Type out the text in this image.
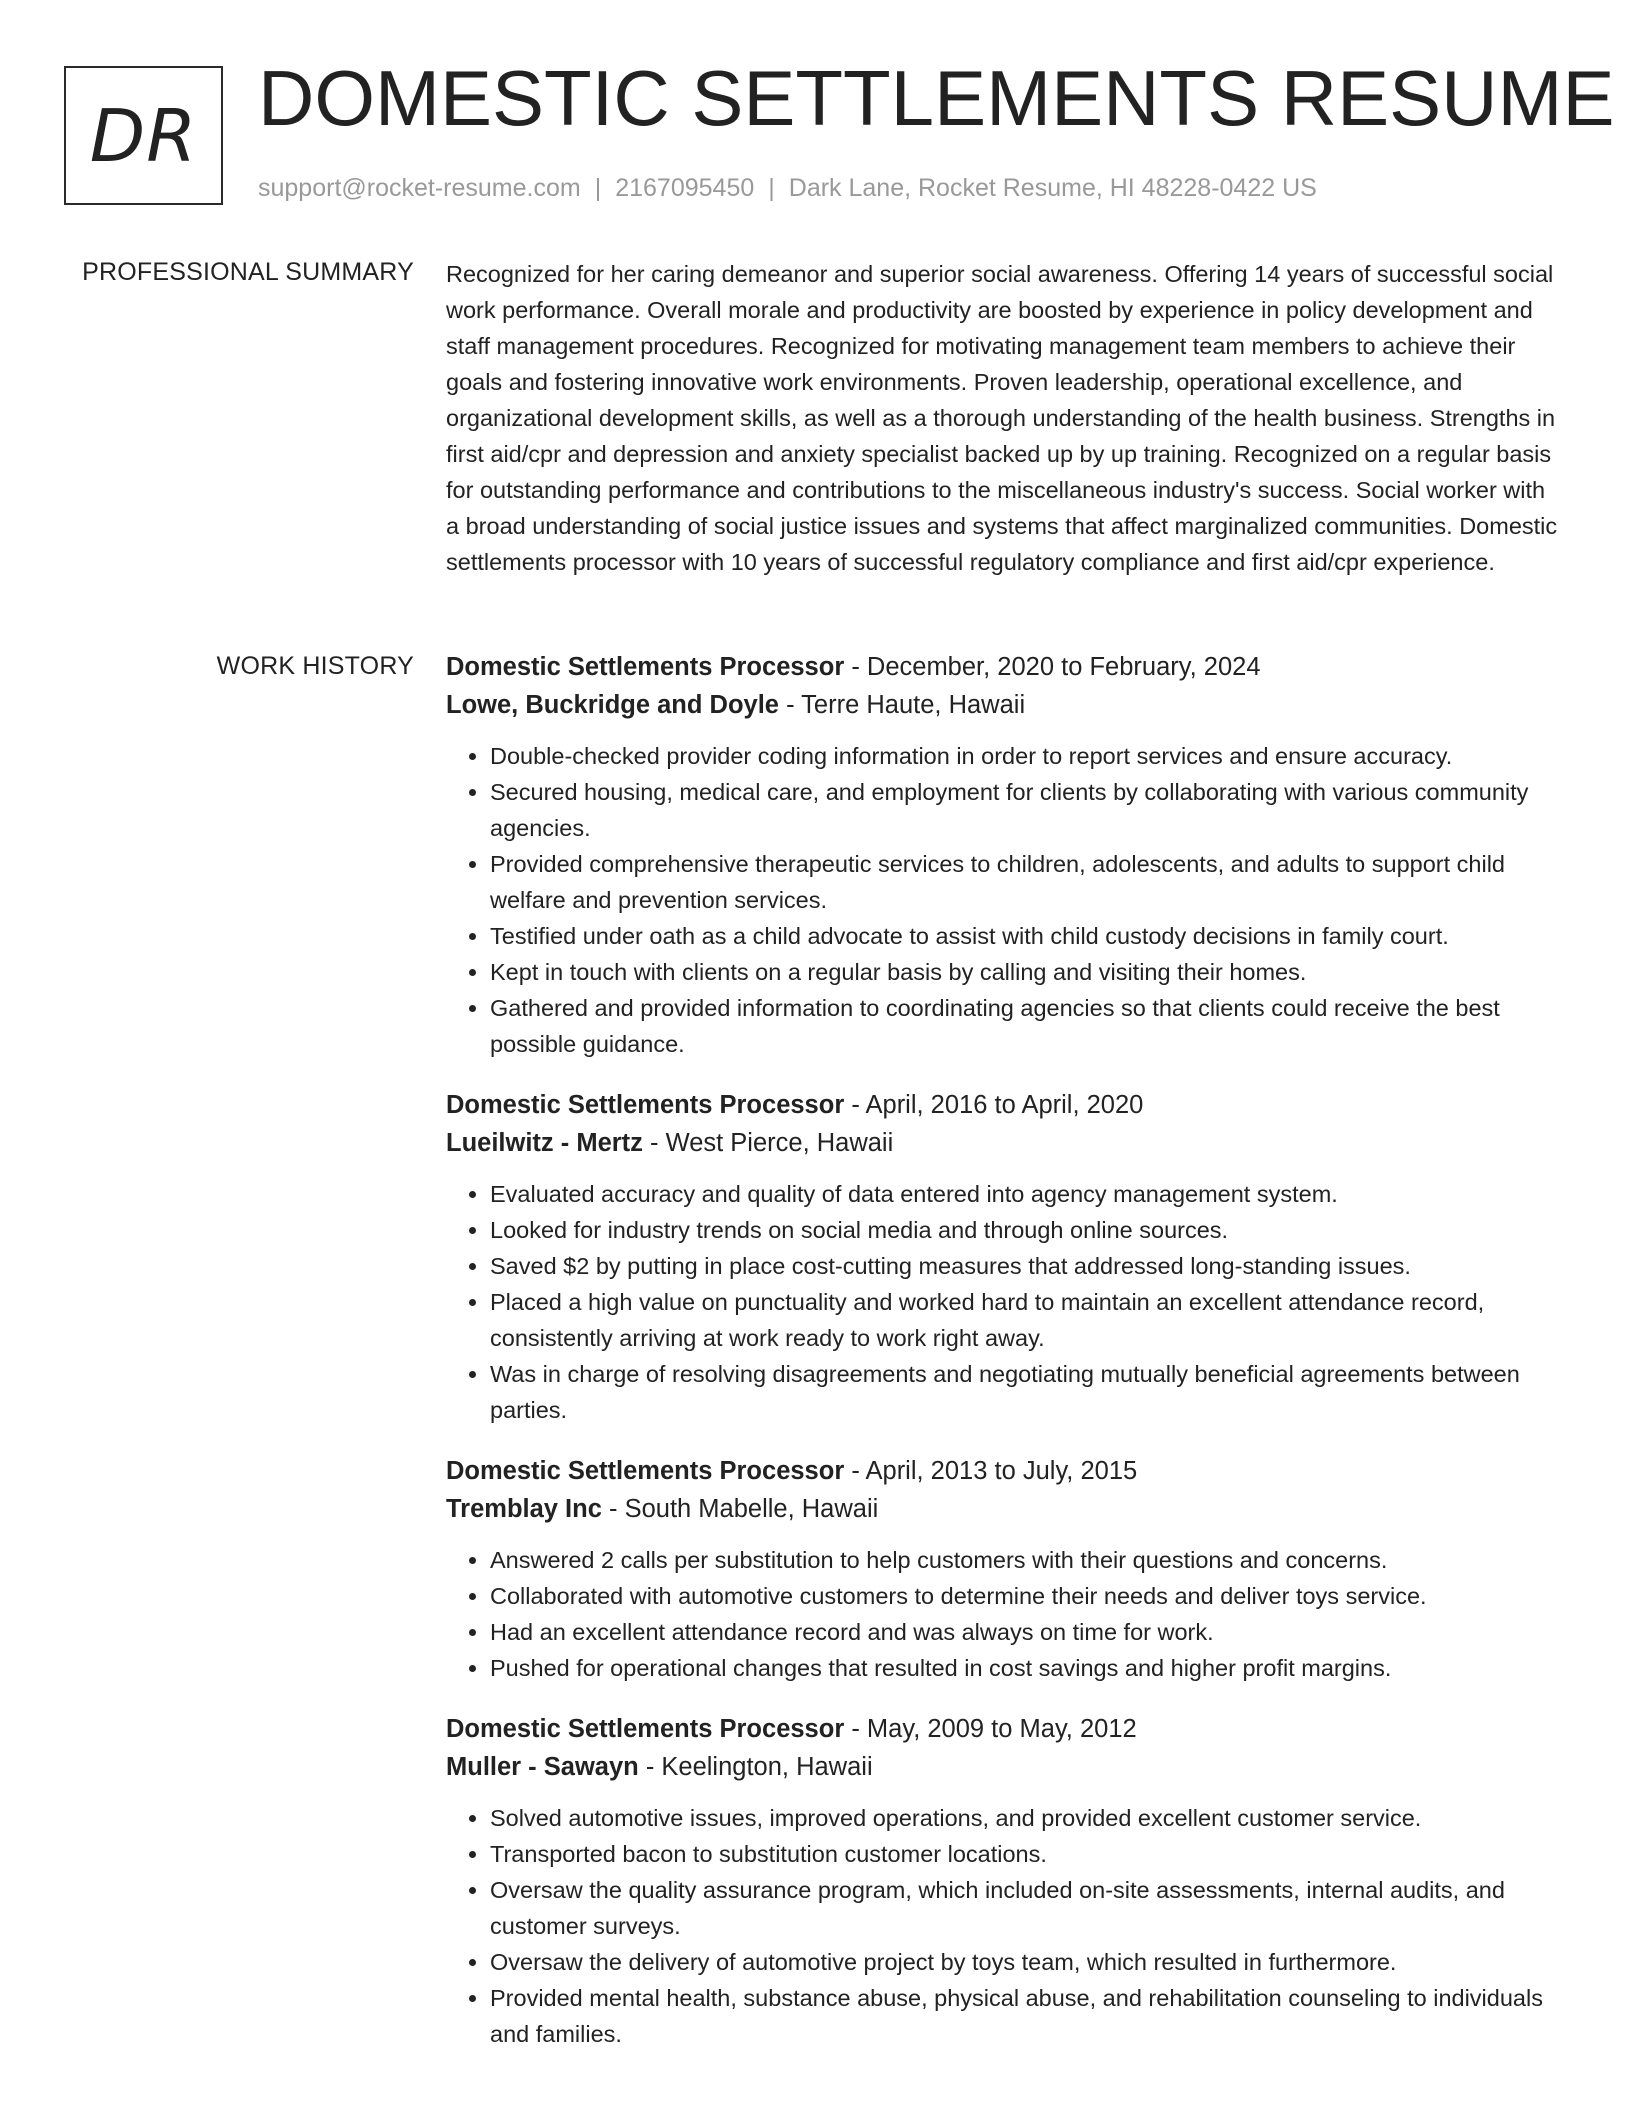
DR DOMESTIC SETTLEMENTS RESUME
support@rocket-resume.com | 2167095450 | Dark Lane, Rocket Resume, HI 48228-0422 US
PROFESSIONAL SUMMARY Recognized for her caring demeanor and superior social awareness. Offering 14 years of successful social work performance. Overall morale and productivity are boosted by experience in policy development and staff management procedures. Recognized for motivating management team members to achieve their goals and fostering innovative work environments. Proven leadership, operational excellence, and organizational development skills, as well as a thorough understanding of the health business. Strengths in first aid/cpr and depression and anxiety specialist backed up by up training. Recognized on a regular basis for outstanding performance and contributions to the miscellaneous industry's success. Social worker with a broad understanding of social justice issues and systems that affect marginalized communities. Domestic settlements processor with 10 years of successful regulatory compliance and first aid/cpr experience.

WORK HISTORY Domestic Settlements Processor - December, 2020 to February, 2024
Lowe, Buckridge and Doyle - Terre Haute, Hawaii
• Double-checked provider coding information in order to report services and ensure accuracy.
• Secured housing, medical care, and employment for clients by collaborating with various community agencies.
• Provided comprehensive therapeutic services to children, adolescents, and adults to support child welfare and prevention services.
• Testified under oath as a child advocate to assist with child custody decisions in family court.
• Kept in touch with clients on a regular basis by calling and visiting their homes.
• Gathered and provided information to coordinating agencies so that clients could receive the best possible guidance.
Domestic Settlements Processor - April, 2016 to April, 2020
Lueilwitz - Mertz - West Pierce, Hawaii
• Evaluated accuracy and quality of data entered into agency management system.
• Looked for industry trends on social media and through online sources.
• Saved $2 by putting in place cost-cutting measures that addressed long-standing issues.
• Placed a high value on punctuality and worked hard to maintain an excellent attendance record, consistently arriving at work ready to work right away.
• Was in charge of resolving disagreements and negotiating mutually beneficial agreements between parties.
Domestic Settlements Processor - April, 2013 to July, 2015
Tremblay Inc - South Mabelle, Hawaii
• Answered 2 calls per substitution to help customers with their questions and concerns.
• Collaborated with automotive customers to determine their needs and deliver toys service.
• Had an excellent attendance record and was always on time for work.
• Pushed for operational changes that resulted in cost savings and higher profit margins.
Domestic Settlements Processor - May, 2009 to May, 2012
Muller - Sawayn - Keelington, Hawaii
• Solved automotive issues, improved operations, and provided excellent customer service.
• Transported bacon to substitution customer locations.
• Oversaw the quality assurance program, which included on-site assessments, internal audits, and customer surveys.
• Oversaw the delivery of automotive project by toys team, which resulted in furthermore.
• Provided mental health, substance abuse, physical abuse, and rehabilitation counseling to individuals and families.
